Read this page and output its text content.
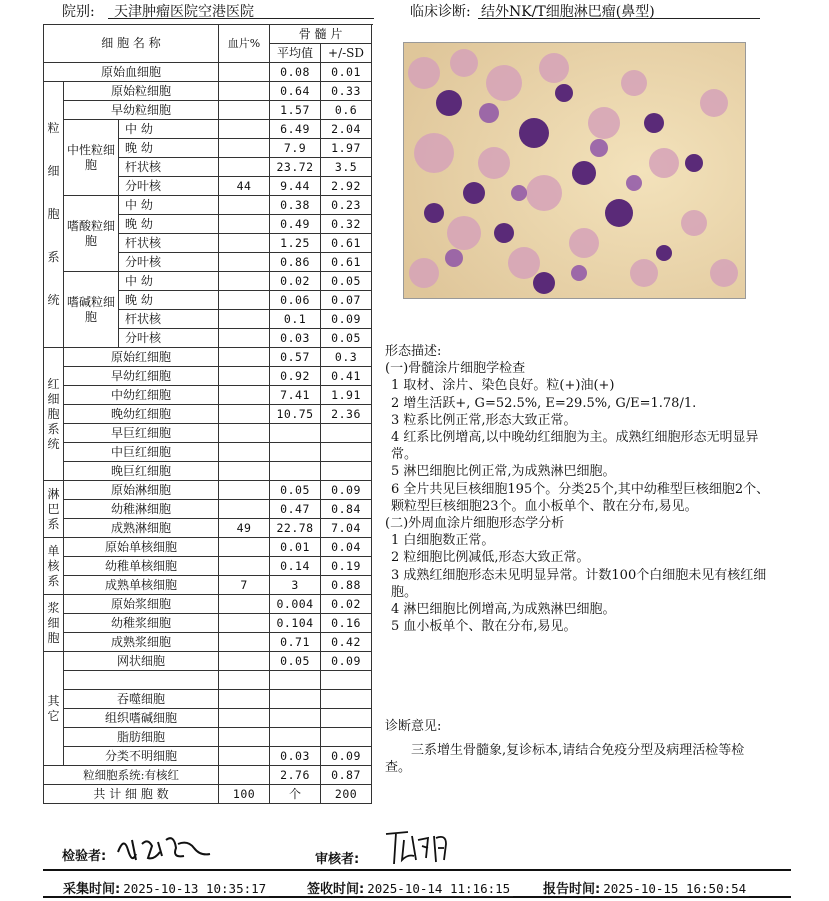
院别: 天津肿瘤医院空港医院	临床诊断: 结外NK/T细胞淋巴瘤(鼻型)
细 胞 名 称			血片%	骨 髓 片		
				平均值	+/-SD	
原始血细胞				0.08	0.01	
粒细胞系统	原始粒细胞			0.64	0.33	
	早幼粒细胞			1.57	0.6	
	中性粒细胞	中 幼		6.49	2.04	
		晚 幼		7.9	1.97	
		杆状核		23.72	3.5	
		分叶核	44	9.44	2.92	
	嗜酸粒细胞	中 幼		0.38	0.23	
		晚 幼		0.49	0.32	
		杆状核		1.25	0.61	
		分叶核		0.86	0.61	
	嗜碱粒细胞	中 幼		0.02	0.05	
		晚 幼		0.06	0.07	
		杆状核		0.1	0.09	
		分叶核		0.03	0.05	
红细胞系统	原始红细胞			0.57	0.3	
	早幼红细胞			0.92	0.41	
	中幼红细胞			7.41	1.91	
	晚幼红细胞			10.75	2.36	
	早巨红细胞					
	中巨红细胞					
	晚巨红细胞					
淋巴系	原始淋细胞			0.05	0.09	
	幼稚淋细胞			0.47	0.84	
	成熟淋细胞		49	22.78	7.04	
单核系	原始单核细胞			0.01	0.04	
	幼稚单核细胞			0.14	0.19	
	成熟单核细胞		7	3	0.88	
浆细胞	原始浆细胞			0.004	0.02	
	幼稚浆细胞			0.104	0.16	
	成熟浆细胞			0.71	0.42	
其它	网状细胞			0.05	0.09	

	吞噬细胞					
	组织嗜碱细胞					
	脂肪细胞					
	分类不明细胞			0.03	0.09	
粒细胞系统:有核红				2.76	0.87	
共 计 细 胞 数			100	个	200	

形态描述:

(一)骨髓涂片细胞学检查

1 取材、涂片、染色良好。粒(+)油(+)

2 增生活跃+, G=52.5%, E=29.5%, G/E=1.78/1.

3 粒系比例正常,形态大致正常。

4 红系比例增高,以中晚幼红细胞为主。成熟红细胞形态无明显异常。

5 淋巴细胞比例正常,为成熟淋巴细胞。

6 全片共见巨核细胞195个。分类25个,其中幼稚型巨核细胞2个、颗粒型巨核细胞23个。血小板单个、散在分布,易见。

(二)外周血涂片细胞形态学分析

1 白细胞数正常。

2 粒细胞比例减低,形态大致正常。

3 成熟红细胞形态未见明显异常。计数100个白细胞未见有核红细胞。

4 淋巴细胞比例增高,为成熟淋巴细胞。

5 血小板单个、散在分布,易见。

诊断意见:

三系增生骨髓象,复诊标本,请结合免疫分型及病理活检等检查。

检验者:	审核者:
采集时间: 2025-10-13 10:35:17	签收时间: 2025-10-14 11:16:15	报告时间: 2025-10-15 16:50:54
